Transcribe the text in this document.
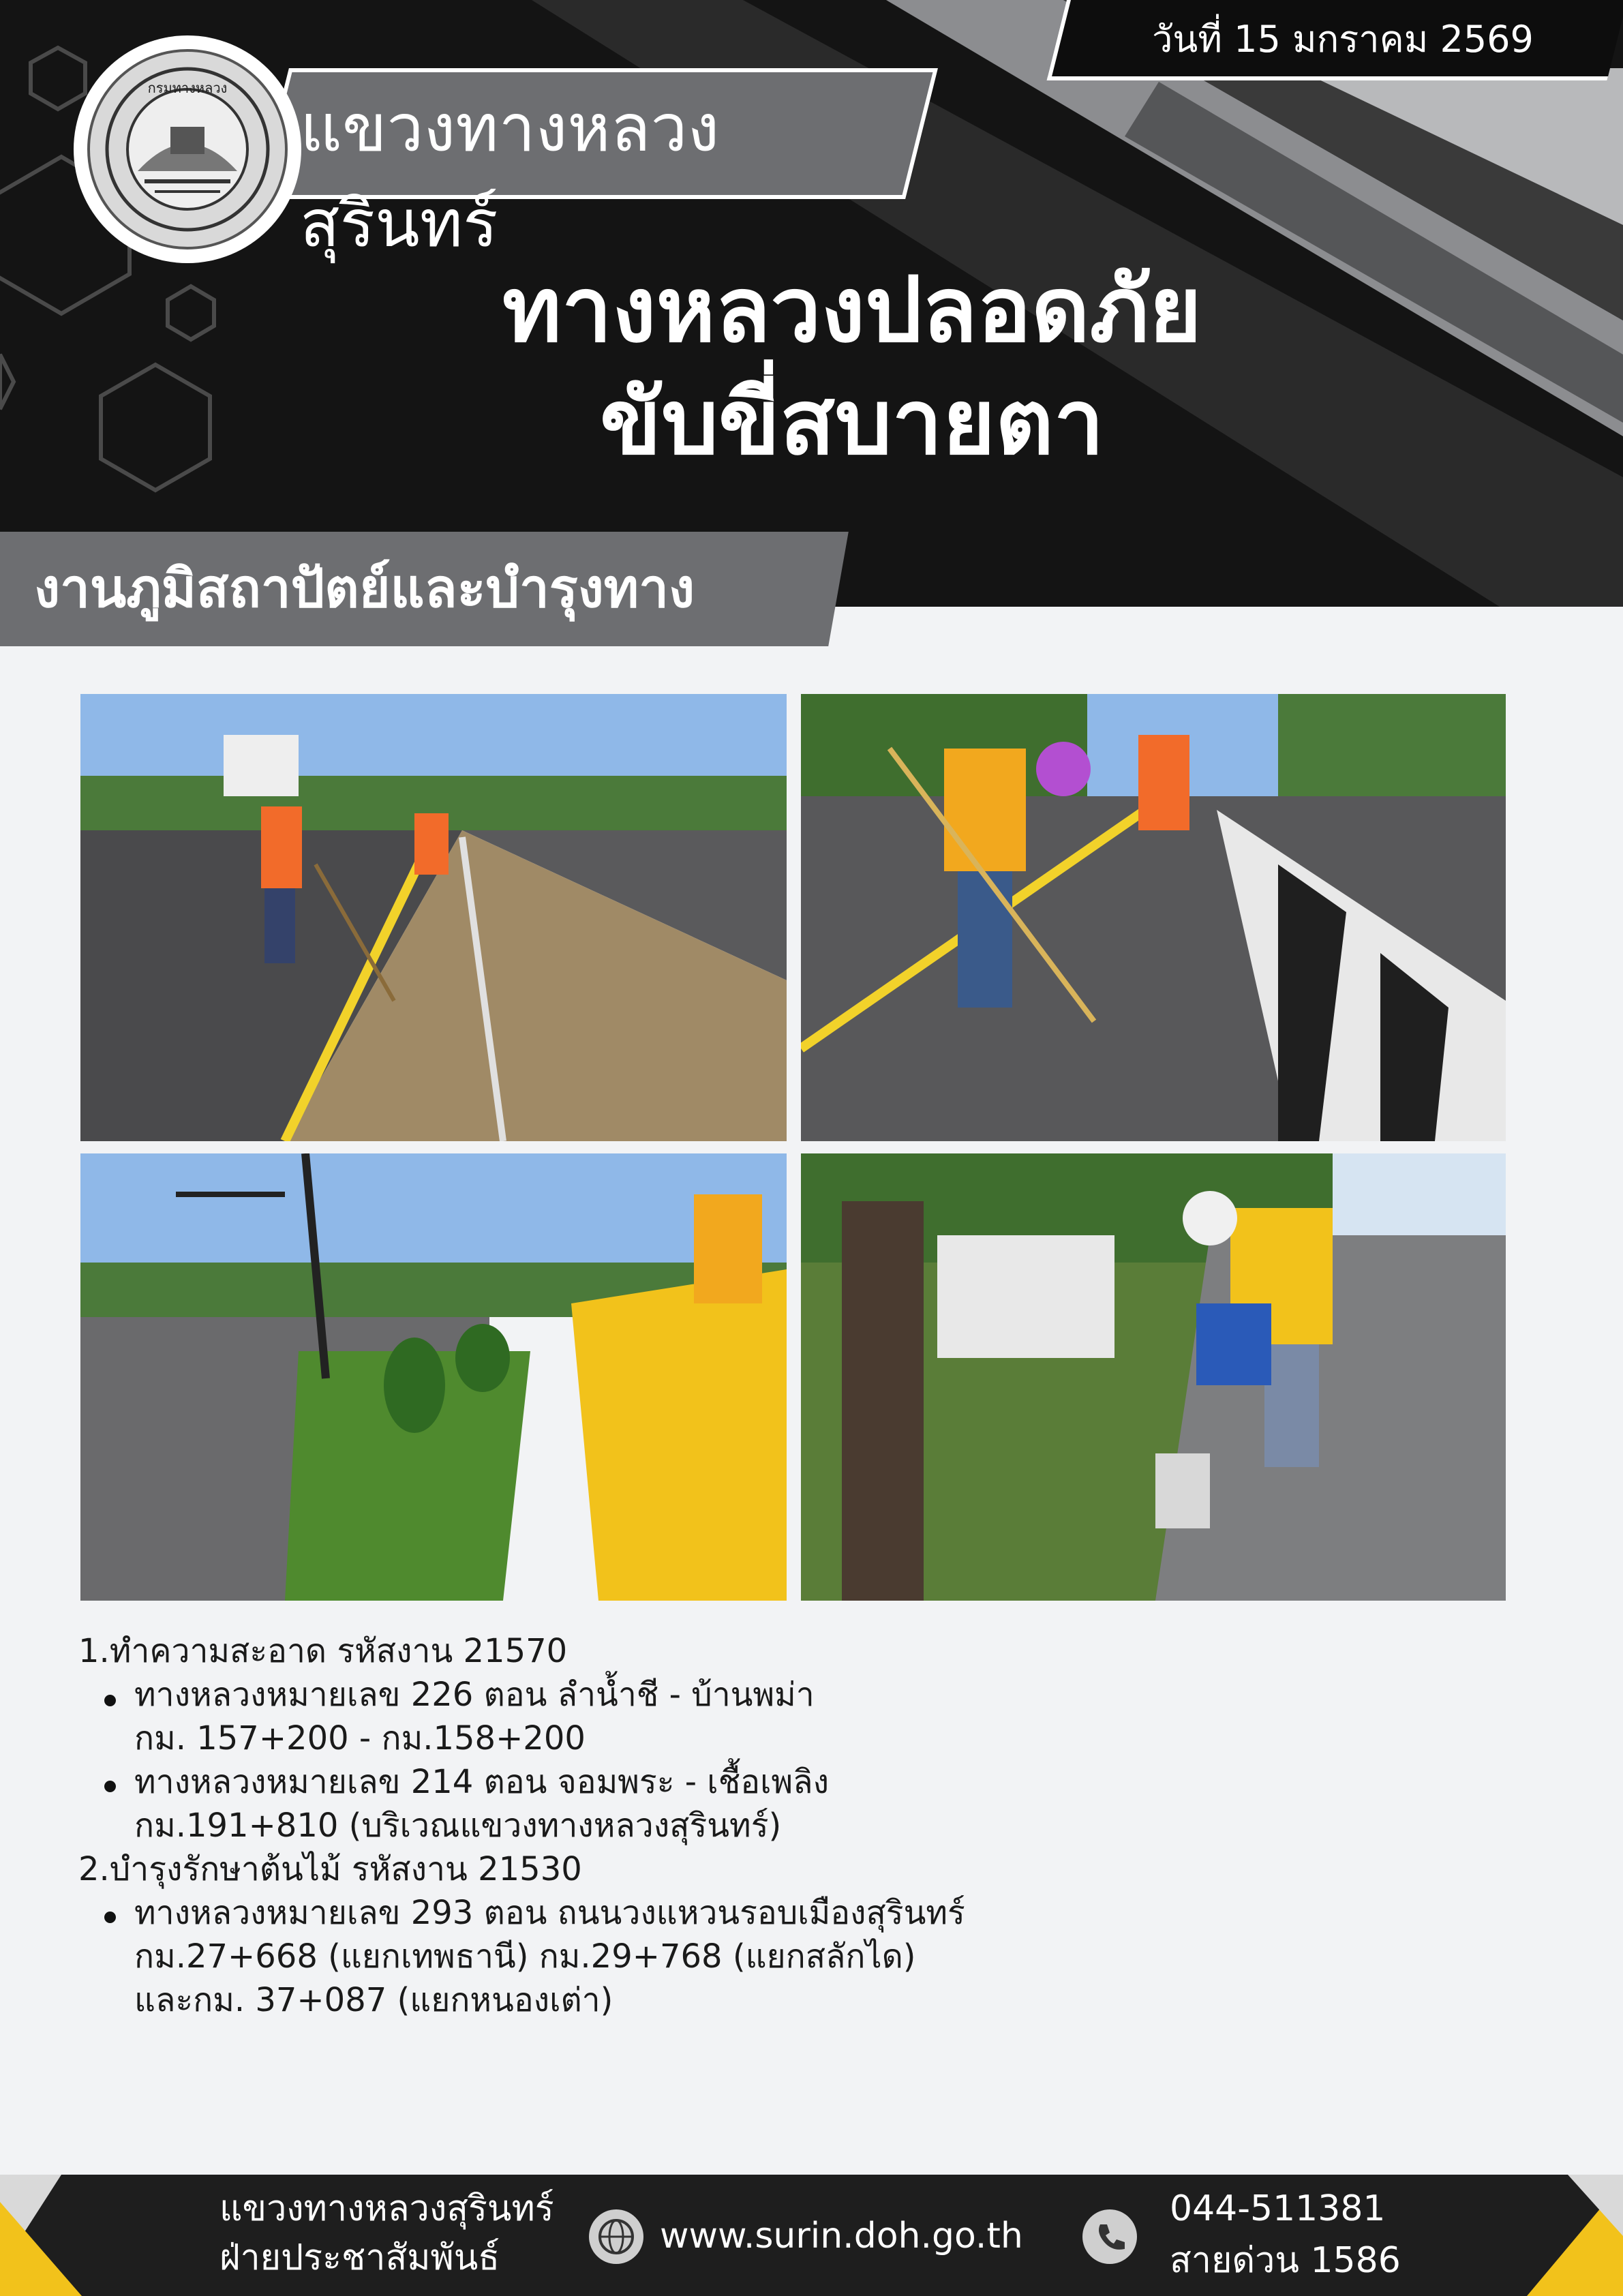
แขวงทางหลวงสุรินทร์
กรมทางหลวง
วันที่ 15 มกราคม 2569
ทางหลวงปลอดภัย
ขับขี่สบายตา
งานภูมิสถาปัตย์และบำรุงทาง
1.ทำความสะอาด รหัสงาน 21570
ทางหลวงหมายเลข 226 ตอน ลำน้ำชี - บ้านพม่า
กม. 157+200 - กม.158+200
ทางหลวงหมายเลข 214 ตอน จอมพระ - เชื้อเพลิง
กม.191+810 (บริเวณแขวงทางหลวงสุรินทร์)
2.บำรุงรักษาต้นไม้ รหัสงาน 21530
ทางหลวงหมายเลข 293 ตอน ถนนวงแหวนรอบเมืองสุรินทร์
กม.27+668 (แยกเทพธานี) กม.29+768 (แยกสลักได)
และกม. 37+087 (แยกหนองเต่า)
แขวงทางหลวงสุรินทร์
ฝ่ายประชาสัมพันธ์
www.surin.doh.go.th
044-511381
สายด่วน 1586
